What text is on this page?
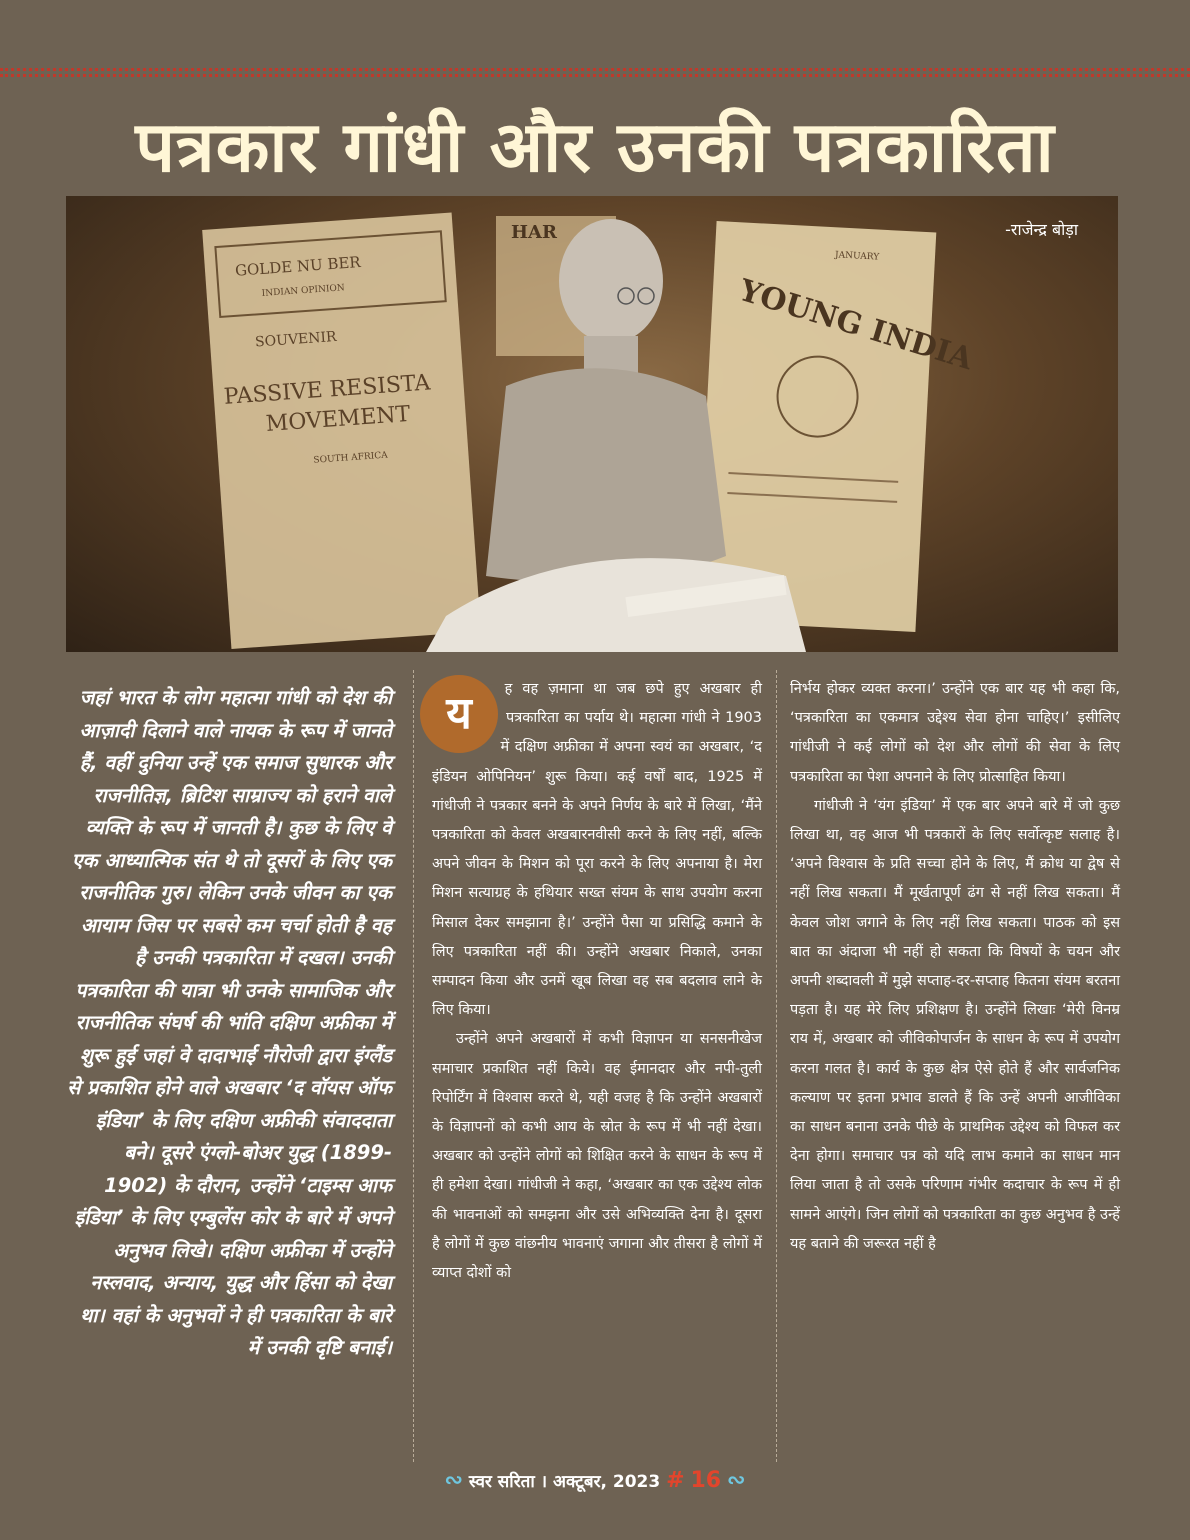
पत्रकार गांधी और उनकी पत्रकारिता
GOLDE NU BER
INDIAN OPINION
SOUVENIR
PASSIVE RESISTA
MOVEMENT
SOUTH AFRICA
HAR
JANUARY
YOUNG INDIA
-राजेन्द्र बोड़ा
जहां भारत के लोग महात्मा गांधी को देश की आज़ादी दिलाने वाले नायक के रूप में जानते हैं, वहीं दुनिया उन्हें एक समाज सुधारक और राजनीतिज्ञ, ब्रिटिश साम्राज्य को हराने वाले व्यक्ति के रूप में जानती है। कुछ के लिए वे एक आध्यात्मिक संत थे तो दूसरों के लिए एक राजनीतिक गुरु। लेकिन उनके जीवन का एक आयाम जिस पर सबसे कम चर्चा होती है वह है उनकी पत्रकारिता में दखल। उनकी पत्रकारिता की यात्रा भी उनके सामाजिक और राजनीतिक संघर्ष की भांति दक्षिण अफ्रीका में शुरू हुई जहां वे दादाभाई नौरोजी द्वारा इंग्लैंड से प्रकाशित होने वाले अखबार ‘द वॉयस ऑफ इंडिया’ के लिए दक्षिण अफ्रीकी संवाददाता बने। दूसरे एंग्लो-बोअर युद्ध (1899-1902) के दौरान, उन्होंने ‘टाइम्स आफ इंडिया’ के लिए एम्बुलेंस कोर के बारे में अपने अनुभव लिखे। दक्षिण अफ्रीका में उन्होंने नस्लवाद, अन्याय, युद्ध और हिंसा को देखा था। वहां के अनुभवों ने ही पत्रकारिता के बारे में उनकी दृष्टि बनाई।
य	ह वह ज़माना था जब छपे हुए अखबार ही पत्रकारिता का पर्याय थे। महात्मा गांधी ने 1903 में दक्षिण अफ्रीका में अपना स्वयं का अखबार, ‘द इंडियन ओपिनियन’ शुरू किया। कई वर्षों बाद, 1925 में गांधीजी ने पत्रकार बनने के अपने निर्णय के बारे में लिखा, ‘मैंने पत्रकारिता को केवल अखबारनवीसी करने के लिए नहीं, बल्कि अपने जीवन के मिशन को पूरा करने के लिए अपनाया है। मेरा मिशन सत्याग्रह के हथियार सख्त संयम के साथ उपयोग करना मिसाल देकर समझाना है।’ उन्होंने पैसा या प्रसिद्धि कमाने के लिए पत्रकारिता नहीं की। उन्होंने अखबार निकाले, उनका सम्पादन किया और उनमें खूब लिखा वह सब बदलाव लाने के लिए किया।

उन्होंने अपने अखबारों में कभी विज्ञापन या सनसनीखेज समाचार प्रकाशित नहीं किये। वह ईमानदार और नपी-तुली रिपोर्टिंग में विश्वास करते थे, यही वजह है कि उन्होंने अखबारों के विज्ञापनों को कभी आय के स्रोत के रूप में भी नहीं देखा। अखबार को उन्होंने लोगों को शिक्षित करने के साधन के रूप में ही हमेशा देखा। गांधीजी ने कहा, ‘अखबार का एक उद्देश्य लोक की भावनाओं को समझना और उसे अभिव्यक्ति देना है। दूसरा है लोगों में कुछ वांछनीय भावनाएं जगाना और तीसरा है लोगों में व्याप्त दोशों को

निर्भय होकर व्यक्त करना।’ उन्होंने एक बार यह भी कहा कि, ‘पत्रकारिता का एकमात्र उद्देश्य सेवा होना चाहिए।’ इसीलिए गांधीजी ने कई लोगों को देश और लोगों की सेवा के लिए पत्रकारिता का पेशा अपनाने के लिए प्रोत्साहित किया।

गांधीजी ने ‘यंग इंडिया’ में एक बार अपने बारे में जो कुछ लिखा था, वह आज भी पत्रकारों के लिए सर्वोत्कृष्ट सलाह है। ‘अपने विश्वास के प्रति सच्चा होने के लिए, मैं क्रोध या द्वेष से नहीं लिख सकता। मैं मूर्खतापूर्ण ढंग से नहीं लिख सकता। मैं केवल जोश जगाने के लिए नहीं लिख सकता। पाठक को इस बात का अंदाजा भी नहीं हो सकता कि विषयों के चयन और अपनी शब्दावली में मुझे सप्ताह-दर-सप्ताह कितना संयम बरतना पड़ता है। यह मेरे लिए प्रशिक्षण है। उन्होंने लिखाः ‘मेरी विनम्र राय में, अखबार को जीविकोपार्जन के साधन के रूप में उपयोग करना गलत है। कार्य के कुछ क्षेत्र ऐसे होते हैं और सार्वजनिक कल्याण पर इतना प्रभाव डालते हैं कि उन्हें अपनी आजीविका का साधन बनाना उनके पीछे के प्राथमिक उद्देश्य को विफल कर देना होगा। समाचार पत्र को यदि लाभ कमाने का साधन मान लिया जाता है तो उसके परिणाम गंभीर कदाचार के रूप में ही सामने आएंगे। जिन लोगों को पत्रकारिता का कुछ अनुभव है उन्हें यह बताने की जरूरत नहीं है

∾ स्वर सरिता । अक्टूबर, 2023 # 16 ∾
